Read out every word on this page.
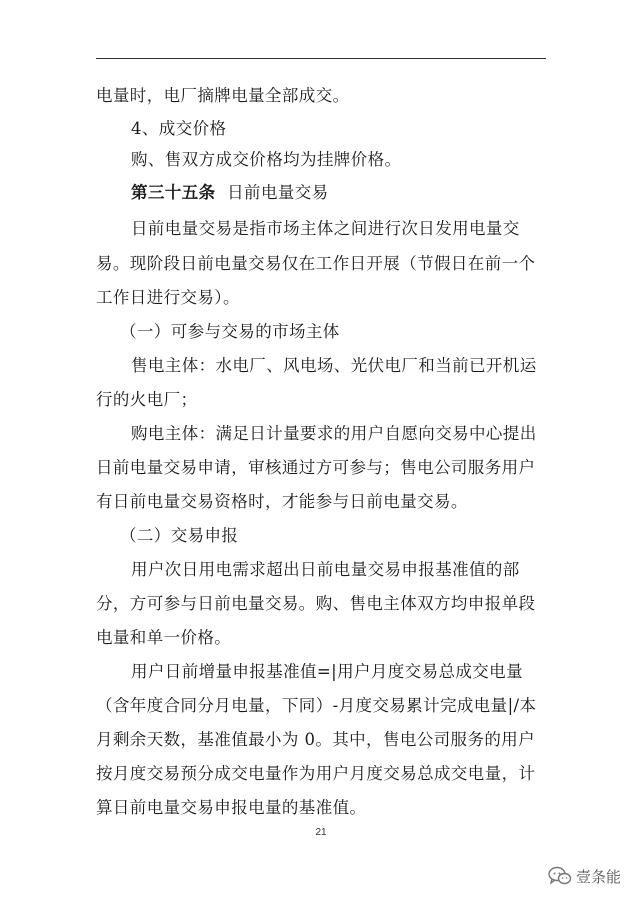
电量时，电厂摘牌电量全部成交。
4、成交价格
购、售双方成交价格均为挂牌价格。
第三十五条 日前电量交易
日前电量交易是指市场主体之间进行次日发用电量交
易。现阶段日前电量交易仅在工作日开展（节假日在前一个
工作日进行交易）。
（一）可参与交易的市场主体
售电主体：水电厂、风电场、光伏电厂和当前已开机运
行的火电厂；
购电主体：满足日计量要求的用户自愿向交易中心提出
日前电量交易申请，审核通过方可参与；售电公司服务用户
有日前电量交易资格时，才能参与日前电量交易。
（二）交易申报
用户次日用电需求超出日前电量交易申报基准值的部
分，方可参与日前电量交易。购、售电主体双方均申报单段
电量和单一价格。
用户日前增量申报基准值=|用户月度交易总成交电量
（含年度合同分月电量，下同）-月度交易累计完成电量|/本
月剩余天数，基准值最小为 0。其中，售电公司服务的用户
按月度交易预分成交电量作为用户月度交易总成交电量，计
算日前电量交易申报电量的基准值。
21
壹条能
